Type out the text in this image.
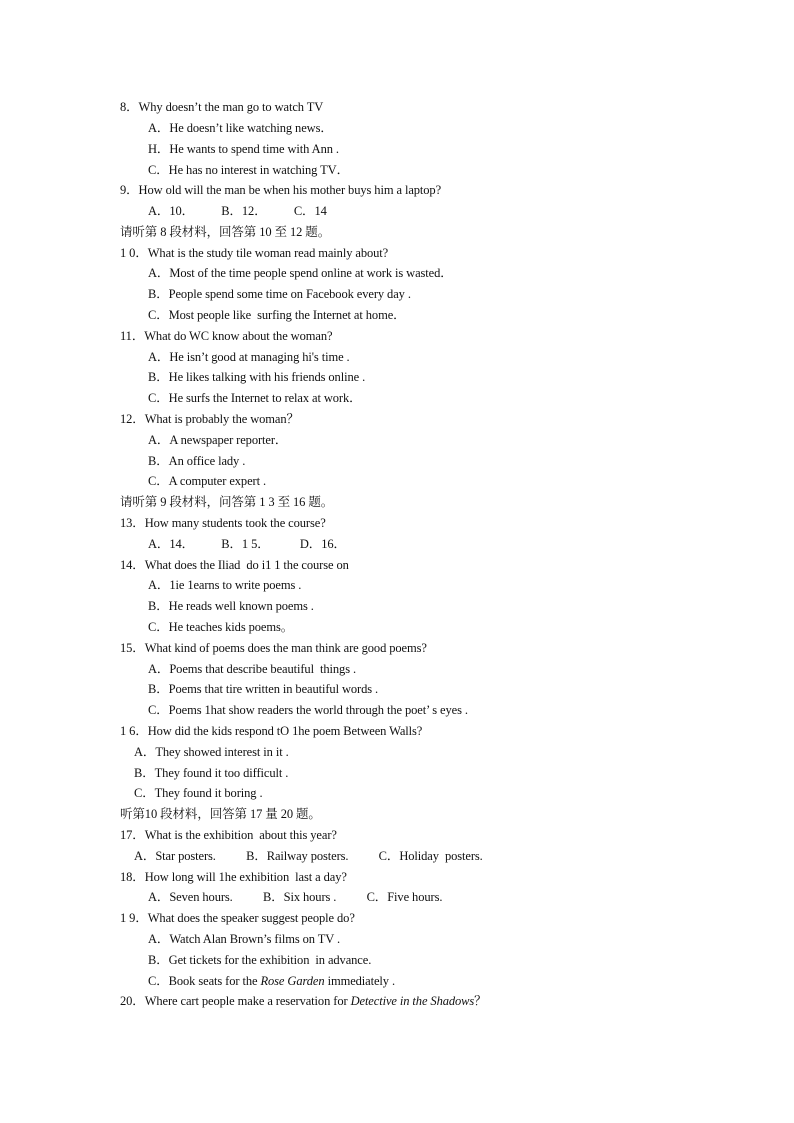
8．Why doesn’t the man go to watch TV
A．He doesn’t like watching news．
H．He wants to spend time with Ann .
C．He has no interest in watching TV．
9．How old will the man be when his mother buys him a laptop?
A．10．         B．12．         C．14
请听第 8 段材料，回答第 10 至 12 题。
1 0．What is the study tile woman read mainly about?
A．Most of the time people spend online at work is wasted．
B．People spend some time on Facebook every day .
C．Most people like  surfing the Internet at home．
11．What do WC know about the woman?
A．He isn’t good at managing hi's time .
B．He likes talking with his friends online .
C．He surfs the Internet to relax at work．
12．What is probably the woman？
A．A newspaper reporter．
B．An office lady .
C．A computer expert .
请听第 9 段材料，问答第 1 3 至 16 题。
13．How many students took the course?
A．14．         B．1 5．          D．16．
14．What does the Iliad  do i1 1 the course on
A．1ie 1earns to write poems .
B．He reads well known poems .
C．He teaches kids poems。
15．What kind of poems does the man think are good poems?
A．Poems that describe beautiful  things .
B．Poems that tire written in beautiful words .
C．Poems 1hat show readers the world through the poet’ s eyes .
1 6．How did the kids respond tO 1he poem Between Walls?
A．They showed interest in it .
B．They found it too difficult .
C．They found it boring .
听第10 段材料，回答第 17 量 20 题。
17．What is the exhibition  about this year?
A．Star posters.          B．Railway posters.          C．Holiday  posters.
18．How long will 1he exhibition  last a day?
A．Seven hours.          B．Six hours .          C．Five hours.
1 9．What does the speaker suggest people do?
A．Watch Alan Brown’s films on TV .
B．Get tickets for the exhibition  in advance.
C．Book seats for the Rose Garden immediately .
20．Where cart people make a reservation for Detective in the Shadows？
